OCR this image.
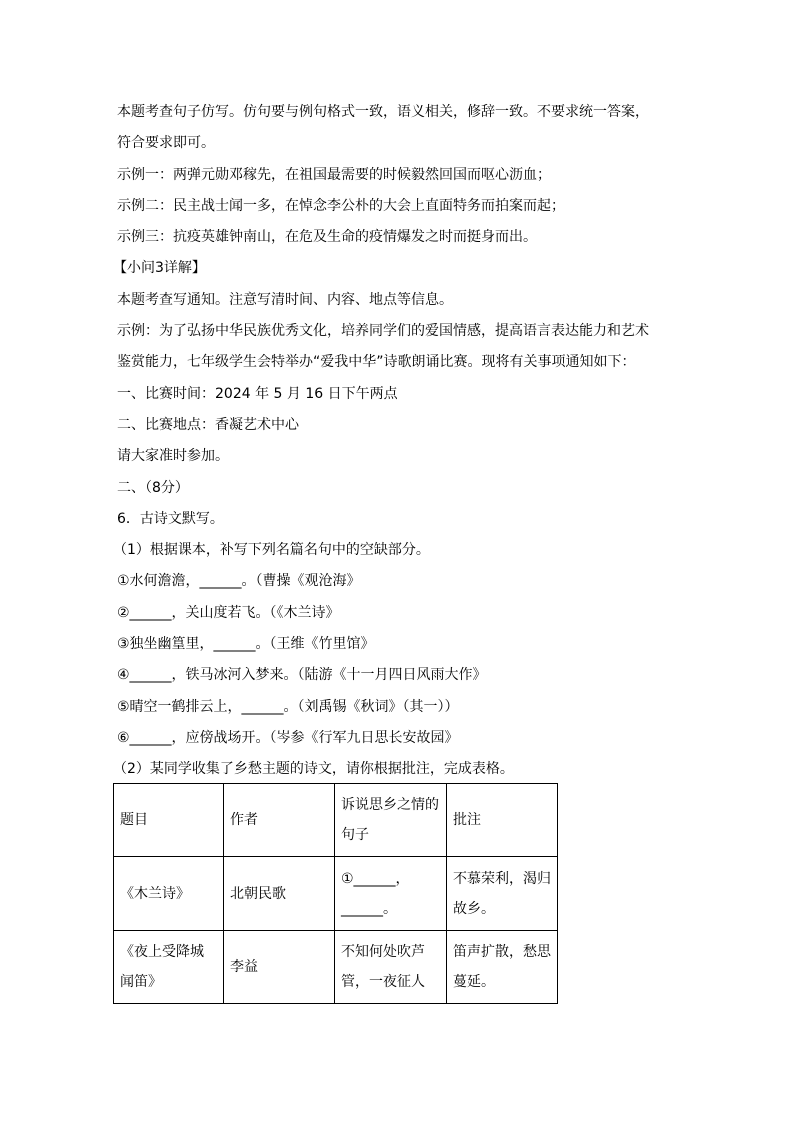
本题考查句子仿写。仿句要与例句格式一致，语义相关，修辞一致。不要求统一答案，符合要求即可。

示例一：两弹元勋邓稼先，在祖国最需要的时候毅然回国而呕心沥血；

示例二：民主战士闻一多，在悼念李公朴的大会上直面特务而拍案而起；

示例三：抗疫英雄钟南山，在危及生命的疫情爆发之时而挺身而出。

【小问3详解】

本题考查写通知。注意写清时间、内容、地点等信息。

示例：为了弘扬中华民族优秀文化，培养同学们的爱国情感，提高语言表达能力和艺术鉴赏能力，七年级学生会特举办“爱我中华”诗歌朗诵比赛。现将有关事项通知如下：

一、比赛时间：2024 年 5 月 16 日下午两点

二、比赛地点：香凝艺术中心

请大家准时参加。

二、（8分）

6．古诗文默写。

（1）根据课本，补写下列名篇名句中的空缺部分。

①水何澹澹，______。（曹操《观沧海》

②______，关山度若飞。（《木兰诗》

③独坐幽篁里，______。（王维《竹里馆》

④______，铁马冰河入梦来。（陆游《十一月四日风雨大作》

⑤晴空一鹤排云上，______。（刘禹锡《秋词》（其一））

⑥______，应傍战场开。（岑参《行军九日思长安故园》

（2）某同学收集了乡愁主题的诗文，请你根据批注，完成表格。

题目	作者	诉说思乡之情的句子	批注
《木兰诗》	北朝民歌	①______，______。	不慕荣利，渴归故乡。
《夜上受降城闻笛》	李益	不知何处吹芦管，一夜征人	笛声扩散，愁思蔓延。
